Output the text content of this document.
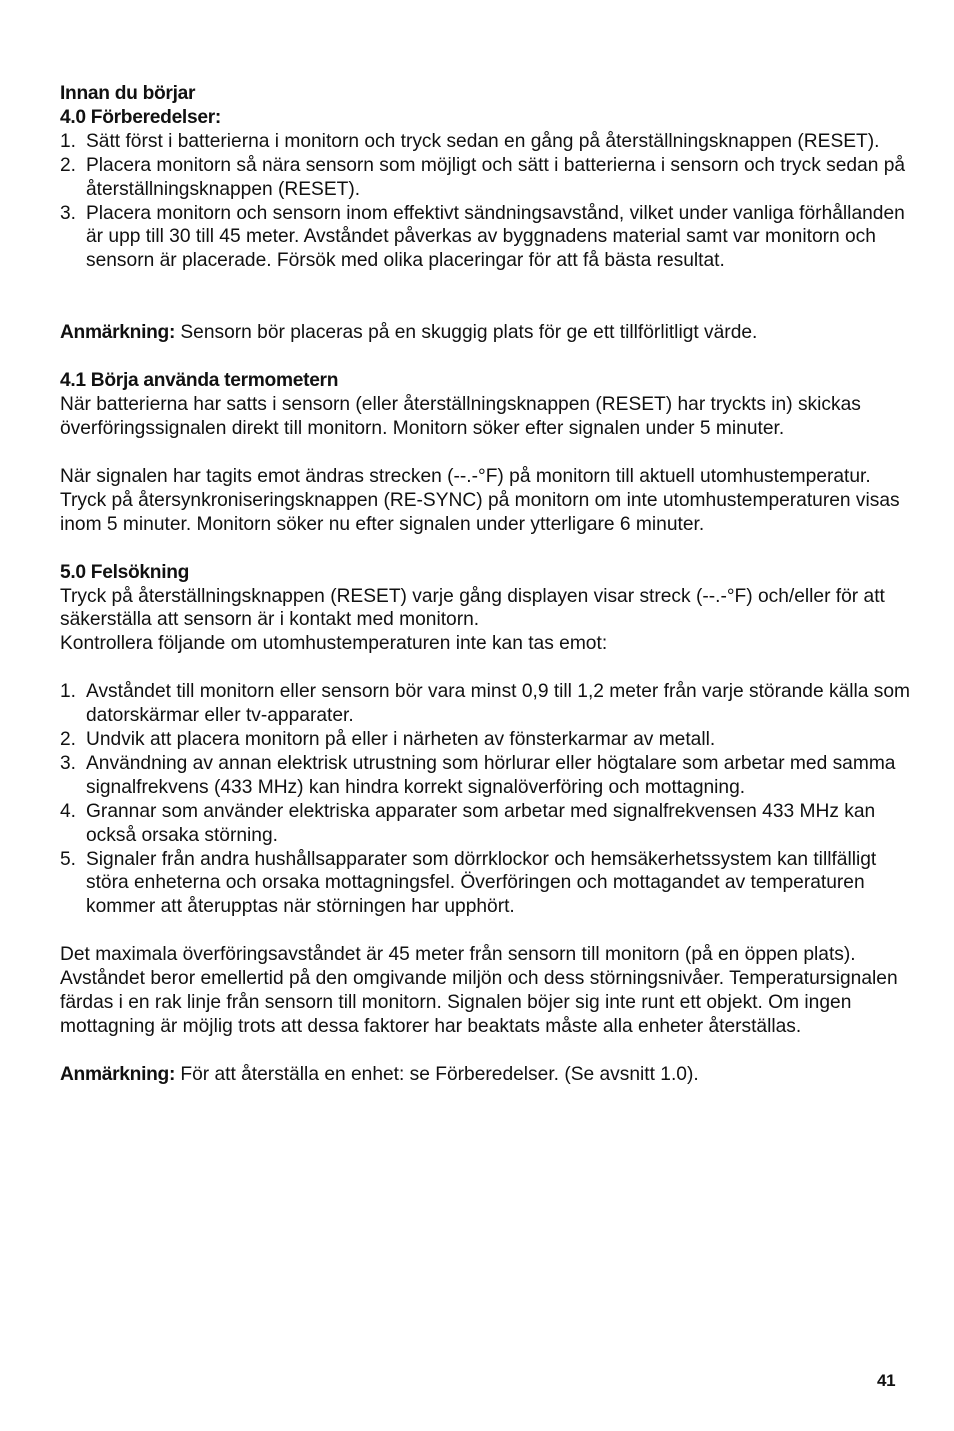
Innan du börjar
4.0 Förberedelser:
1. Sätt först i batterierna i monitorn och tryck sedan en gång på återställningsknappen (RESET).
2. Placera monitorn så nära sensorn som möjligt och sätt i batterierna i sensorn och tryck sedan på återställningsknappen (RESET).
3. Placera monitorn och sensorn inom effektivt sändningsavstånd, vilket under vanliga förhållanden är upp till 30 till 45 meter. Avståndet påverkas av byggnadens material samt var monitorn och sensorn är placerade. Försök med olika placeringar för att få bästa resultat.

Anmärkning: Sensorn bör placeras på en skuggig plats för ge ett tillförlitligt värde.

4.1 Börja använda termometern

När batterierna har satts i sensorn (eller återställningsknappen (RESET) har tryckts in) skickas överföringssignalen direkt till monitorn. Monitorn söker efter signalen under 5 minuter.

När signalen har tagits emot ändras strecken (--.-°F) på monitorn till aktuell utomhustemperatur. Tryck på återsynkroniseringsknappen (RE-SYNC) på monitorn om inte utomhustemperaturen visas inom 5 minuter. Monitorn söker nu efter signalen under ytterligare 6 minuter.

5.0 Felsökning

Tryck på återställningsknappen (RESET) varje gång displayen visar streck (--.-°F) och/eller för att säkerställa att sensorn är i kontakt med monitorn.

Kontrollera följande om utomhustemperaturen inte kan tas emot:

1. Avståndet till monitorn eller sensorn bör vara minst 0,9 till 1,2 meter från varje störande källa som datorskärmar eller tv-apparater.
2. Undvik att placera monitorn på eller i närheten av fönsterkarmar av metall.
3. Användning av annan elektrisk utrustning som hörlurar eller högtalare som arbetar med samma signalfrekvens (433 MHz) kan hindra korrekt signalöverföring och mottagning.
4. Grannar som använder elektriska apparater som arbetar med signalfrekvensen 433 MHz kan också orsaka störning.
5. Signaler från andra hushållsapparater som dörrklockor och hemsäkerhetssystem kan tillfälligt störa enheterna och orsaka mottagningsfel. Överföringen och mottagandet av temperaturen kommer att återupptas när störningen har upphört.

Det maximala överföringsavståndet är 45 meter från sensorn till monitorn (på en öppen plats). Avståndet beror emellertid på den omgivande miljön och dess störningsnivåer. Temperatursignalen färdas i en rak linje från sensorn till monitorn. Signalen böjer sig inte runt ett objekt. Om ingen mottagning är möjlig trots att dessa faktorer har beaktats måste alla enheter återställas.

Anmärkning: För att återställa en enhet: se Förberedelser. (Se avsnitt 1.0).

41
